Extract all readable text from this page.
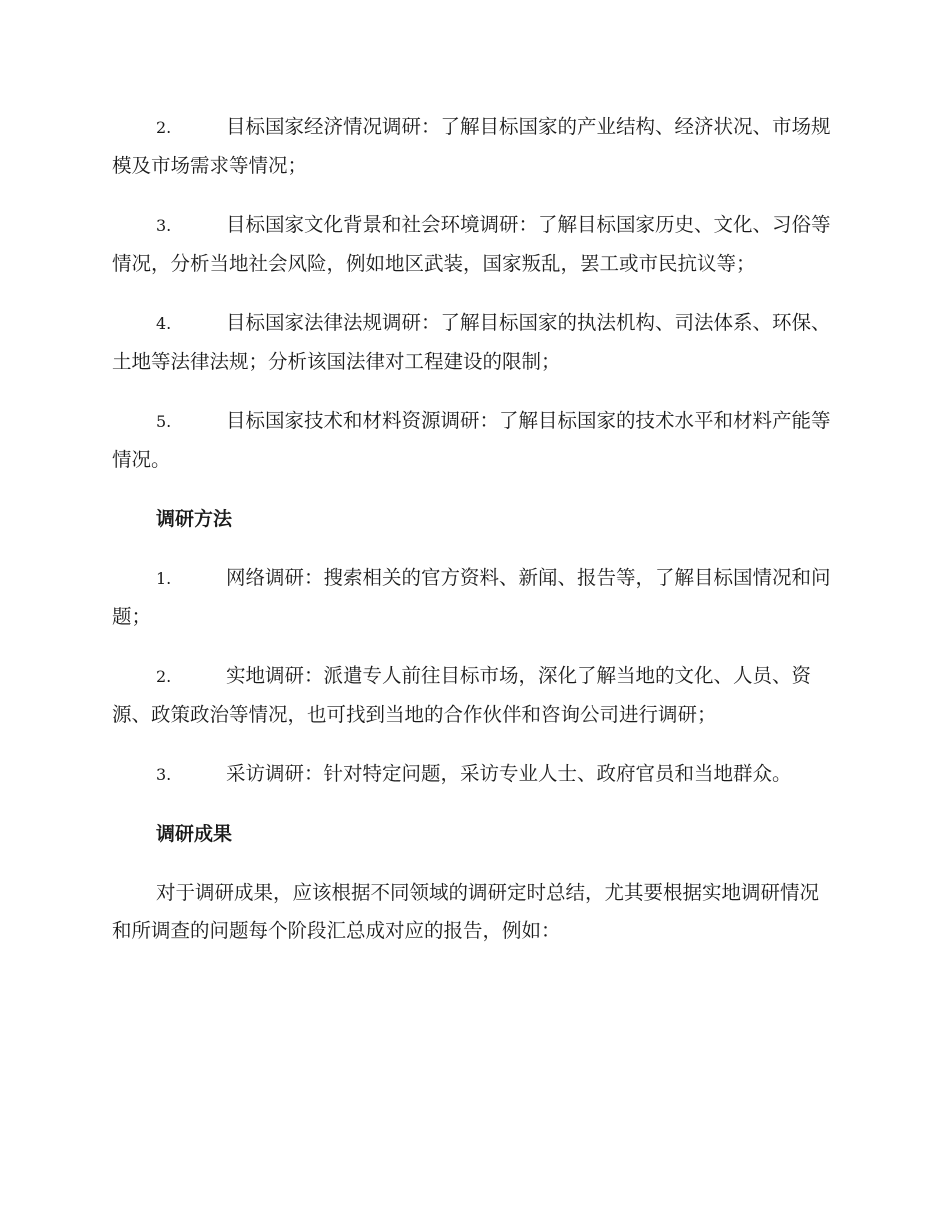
2.	目标国家经济情况调研：了解目标国家的产业结构、经济状况、市场规模及市场需求等情况；

3.	目标国家文化背景和社会环境调研：了解目标国家历史、文化、习俗等情况，分析当地社会风险，例如地区武装，国家叛乱，罢工或市民抗议等；

4.	目标国家法律法规调研：了解目标国家的执法机构、司法体系、环保、土地等法律法规；分析该国法律对工程建设的限制；

5.	目标国家技术和材料资源调研：了解目标国家的技术水平和材料产能等情况。

调研方法

1.	网络调研：搜索相关的官方资料、新闻、报告等，了解目标国情况和问题；

2.	实地调研：派遣专人前往目标市场，深化了解当地的文化、人员、资源、政策政治等情况，也可找到当地的合作伙伴和咨询公司进行调研；

3.	采访调研：针对特定问题，采访专业人士、政府官员和当地群众。

调研成果

对于调研成果，应该根据不同领域的调研定时总结，尤其要根据实地调研情况和所调查的问题每个阶段汇总成对应的报告，例如：
